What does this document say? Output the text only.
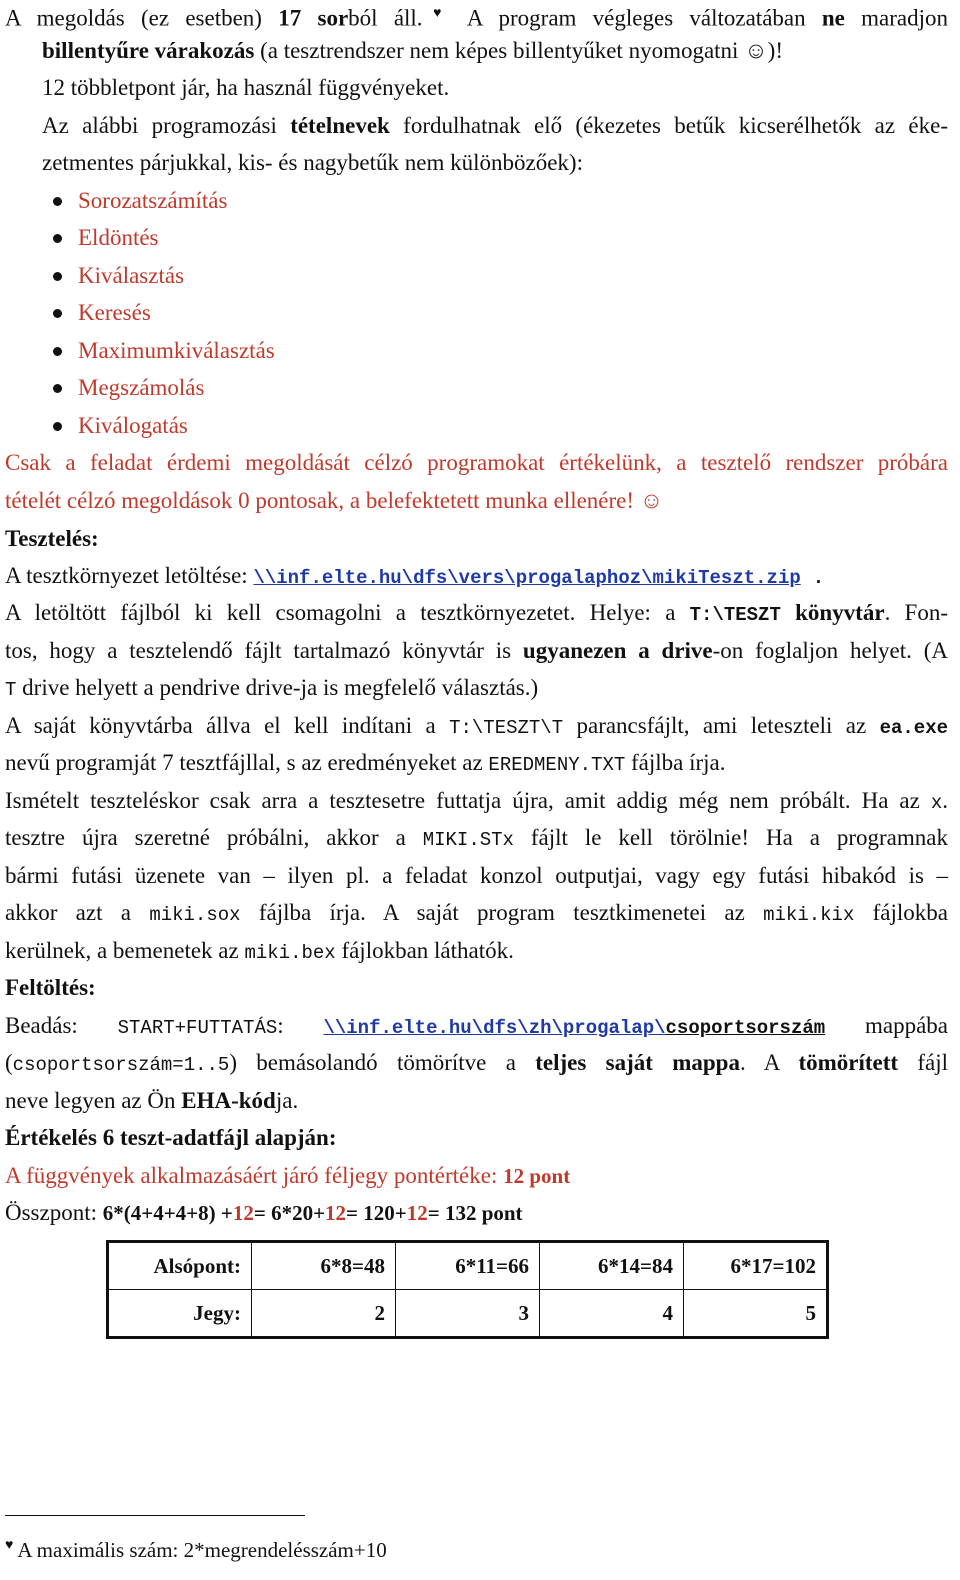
A megoldás (ez esetben) 17 sorból áll.♥ A program végleges változatában ne maradjon
billentyűre várakozás (a tesztrendszer nem képes billentyűket nyomogatni ☺)!
12 többletpont jár, ha használ függvényeket.
Az alábbi programozási tételnevek fordulhatnak elő (ékezetes betűk kicserélhetők az éke-
zetmentes párjukkal, kis- és nagybetűk nem különbözőek):
Sorozatszámítás
Eldöntés
Kiválasztás
Keresés
Maximumkiválasztás
Megszámolás
Kiválogatás
Csak a feladat érdemi megoldását célzó programokat értékelünk, a tesztelő rendszer próbára
tételét célzó megoldások 0 pontosak, a belefektetett munka ellenére! ☺
Tesztelés:
A tesztkörnyezet letöltése: \\inf.elte.hu\dfs\vers\progalaphoz\mikiTeszt.zip .
A letöltött fájlból ki kell csomagolni a tesztkörnyezetet. Helye: a T:\TESZT könyvtár. Fon-
tos, hogy a tesztelendő fájlt tartalmazó könyvtár is ugyanezen a drive-on foglaljon helyet. (A
T drive helyett a pendrive drive-ja is megfelelő választás.)
A saját könyvtárba állva el kell indítani a T:\TESZT\T parancsfájlt, ami leteszteli az ea.exe
nevű programját 7 tesztfájllal, s az eredményeket az EREDMENY.TXT fájlba írja.
Ismételt teszteléskor csak arra a tesztesetre futtatja újra, amit addig még nem próbált. Ha az x.
tesztre újra szeretné próbálni, akkor a MIKI.STx fájlt le kell törölnie! Ha a programnak
bármi futási üzenete van – ilyen pl. a feladat konzol outputjai, vagy egy futási hibakód is –
akkor azt a miki.sox fájlba írja. A saját program tesztkimenetei az miki.kix fájlokba
kerülnek, a bemenetek az miki.bex fájlokban láthatók.
Feltöltés:
Beadás: START+FUTTATÁS: \\inf.elte.hu\dfs\zh\progalap\csoportsorszám mappába
(csoportsorszám=1..5) bemásolandó tömörítve a teljes saját mappa. A tömörített fájl
neve legyen az Ön EHA-kódja.
Értékelés 6 teszt-adatfájl alapján:
A függvények alkalmazásáért járó féljegy pontértéke: 12 pont
Összpont: 6*(4+4+4+8) +12= 6*20+12= 120+12= 132 pont
Alsópont:	6*8=48	6*11=66	6*14=84	6*17=102
Jegy:	2	3	4	5
♥ A maximális szám: 2*megrendelésszám+10
